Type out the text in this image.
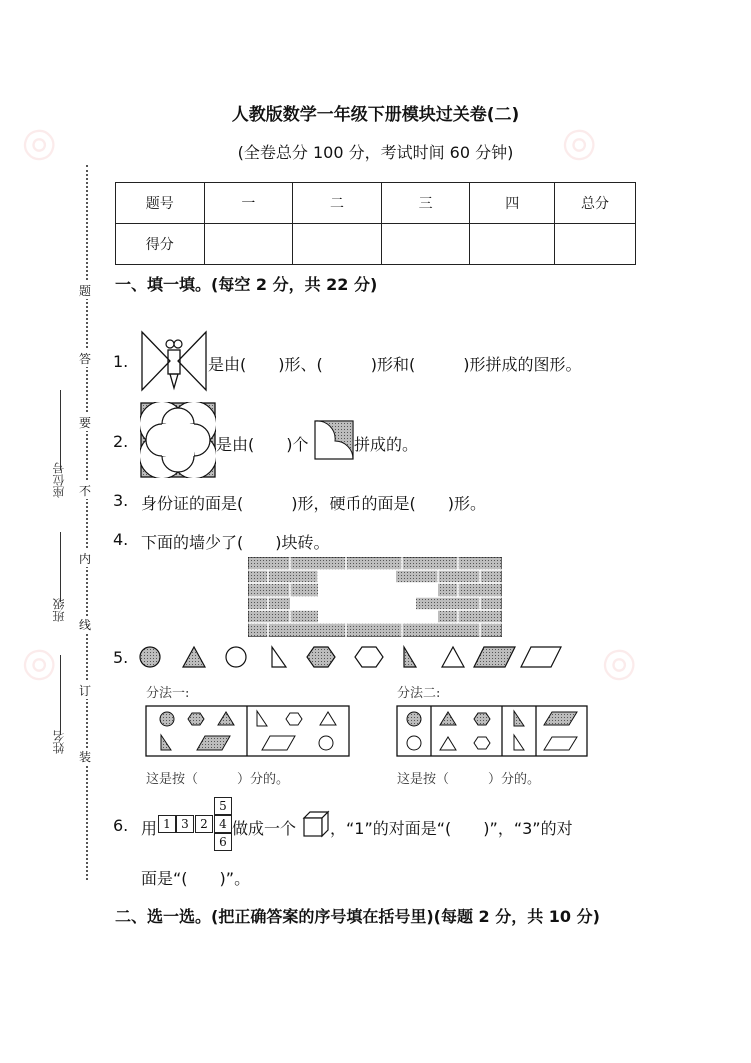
◎	◎
◎	◎
人教版数学一年级下册模块过关卷(二)
(全卷总分 100 分，考试时间 60 分钟)
题号	一	二	三	四	总分
得分					
题
答
要
不
内
线
订
装
座位号
班级
姓名
一、填一填。(每空 2 分，共 22 分)
1.	是由(　　)形、(　　　)形和(　　　)形拼成的图形。
2.	是由(　　)个	拼成的。
3. 身份证的面是(　　　)形，硬币的面是(　　)形。
4. 下面的墙少了(　　)块砖。
5.
分法一:	分法二:
这是按（　　　）分的。	这是按（　　　）分的。
6. 用
5
1 3 2 4
6
做成一个 ，“1”的对面是“(　　)”，“3”的对
面是“(　　)”。
二、选一选。(把正确答案的序号填在括号里)(每题 2 分，共 10 分)
